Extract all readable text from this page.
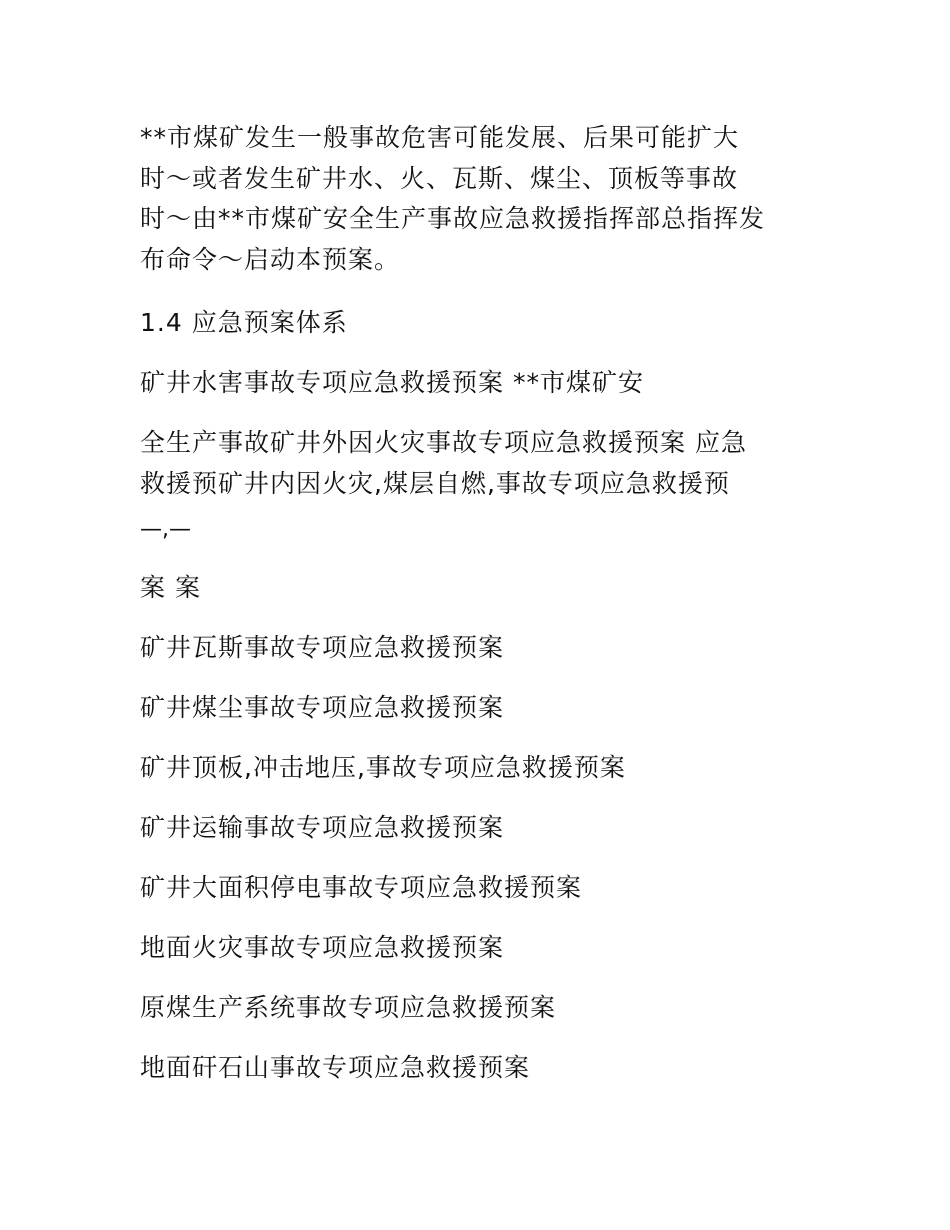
**市煤矿发生一般事故危害可能发展、后果可能扩大
时～或者发生矿井水、火、瓦斯、煤尘、顶板等事故
时～由**市煤矿安全生产事故应急救援指挥部总指挥发
布命令～启动本预案。
1.4 应急预案体系
矿井水害事故专项应急救援预案 **市煤矿安
全生产事故矿井外因火灾事故专项应急救援预案 应急
救援预矿井内因火灾,煤层自燃,事故专项应急救援预
—,—
案 案
矿井瓦斯事故专项应急救援预案
矿井煤尘事故专项应急救援预案
矿井顶板,冲击地压,事故专项应急救援预案
矿井运输事故专项应急救援预案
矿井大面积停电事故专项应急救援预案
地面火灾事故专项应急救援预案
原煤生产系统事故专项应急救援预案
地面矸石山事故专项应急救援预案
